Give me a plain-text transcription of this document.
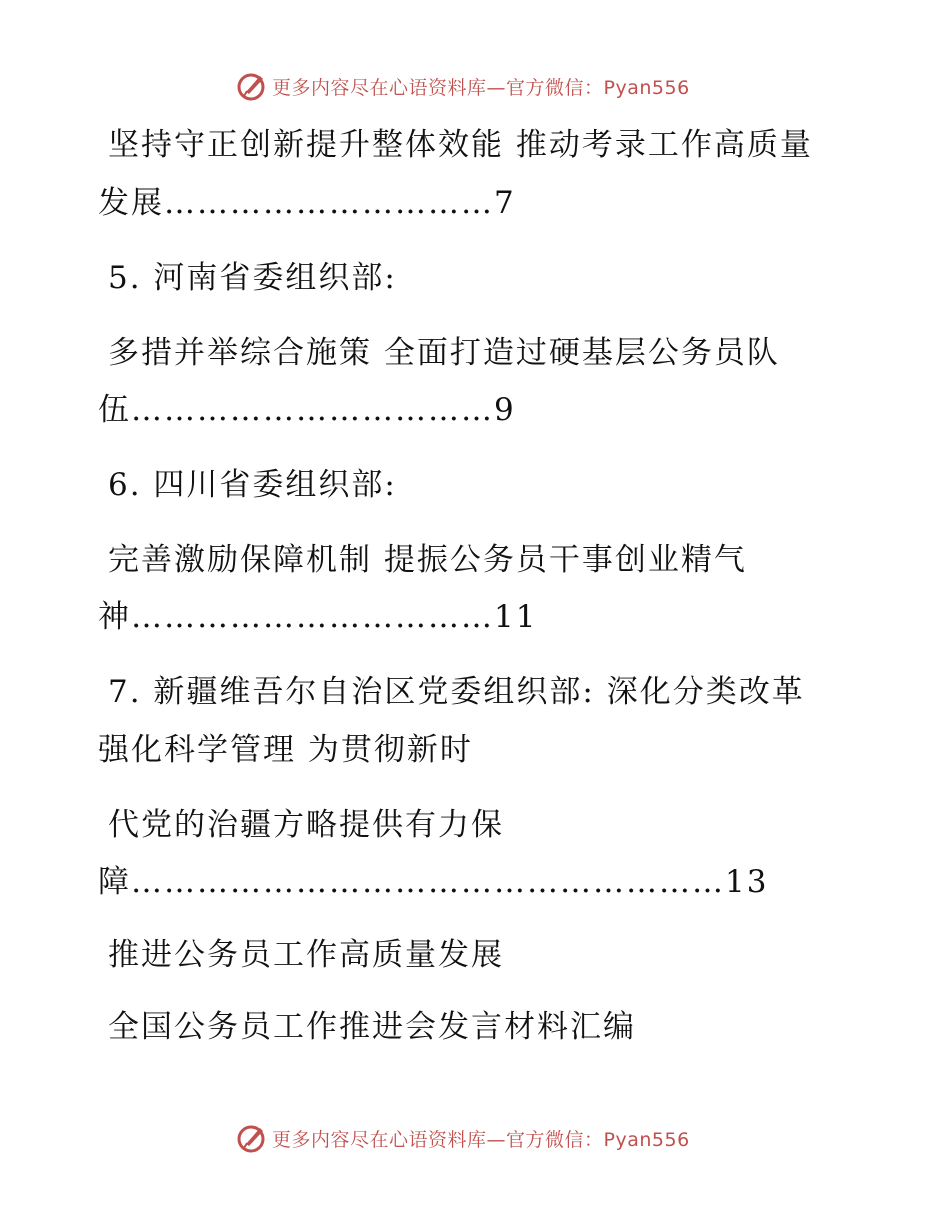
更多内容尽在心语资料库—官方微信：Pyan556
坚持守正创新提升整体效能 推动考录工作高质量
发展…………………………7
5. 河南省委组织部:
多措并举综合施策 全面打造过硬基层公务员队
伍……………………………9
6. 四川省委组织部:
完善激励保障机制 提振公务员干事创业精气
神……………………………11
7. 新疆维吾尔自治区党委组织部: 深化分类改革
强化科学管理 为贯彻新时
代党的治疆方略提供有力保
障………………………………………………13
推进公务员工作高质量发展
全国公务员工作推进会发言材料汇编
更多内容尽在心语资料库—官方微信：Pyan556
